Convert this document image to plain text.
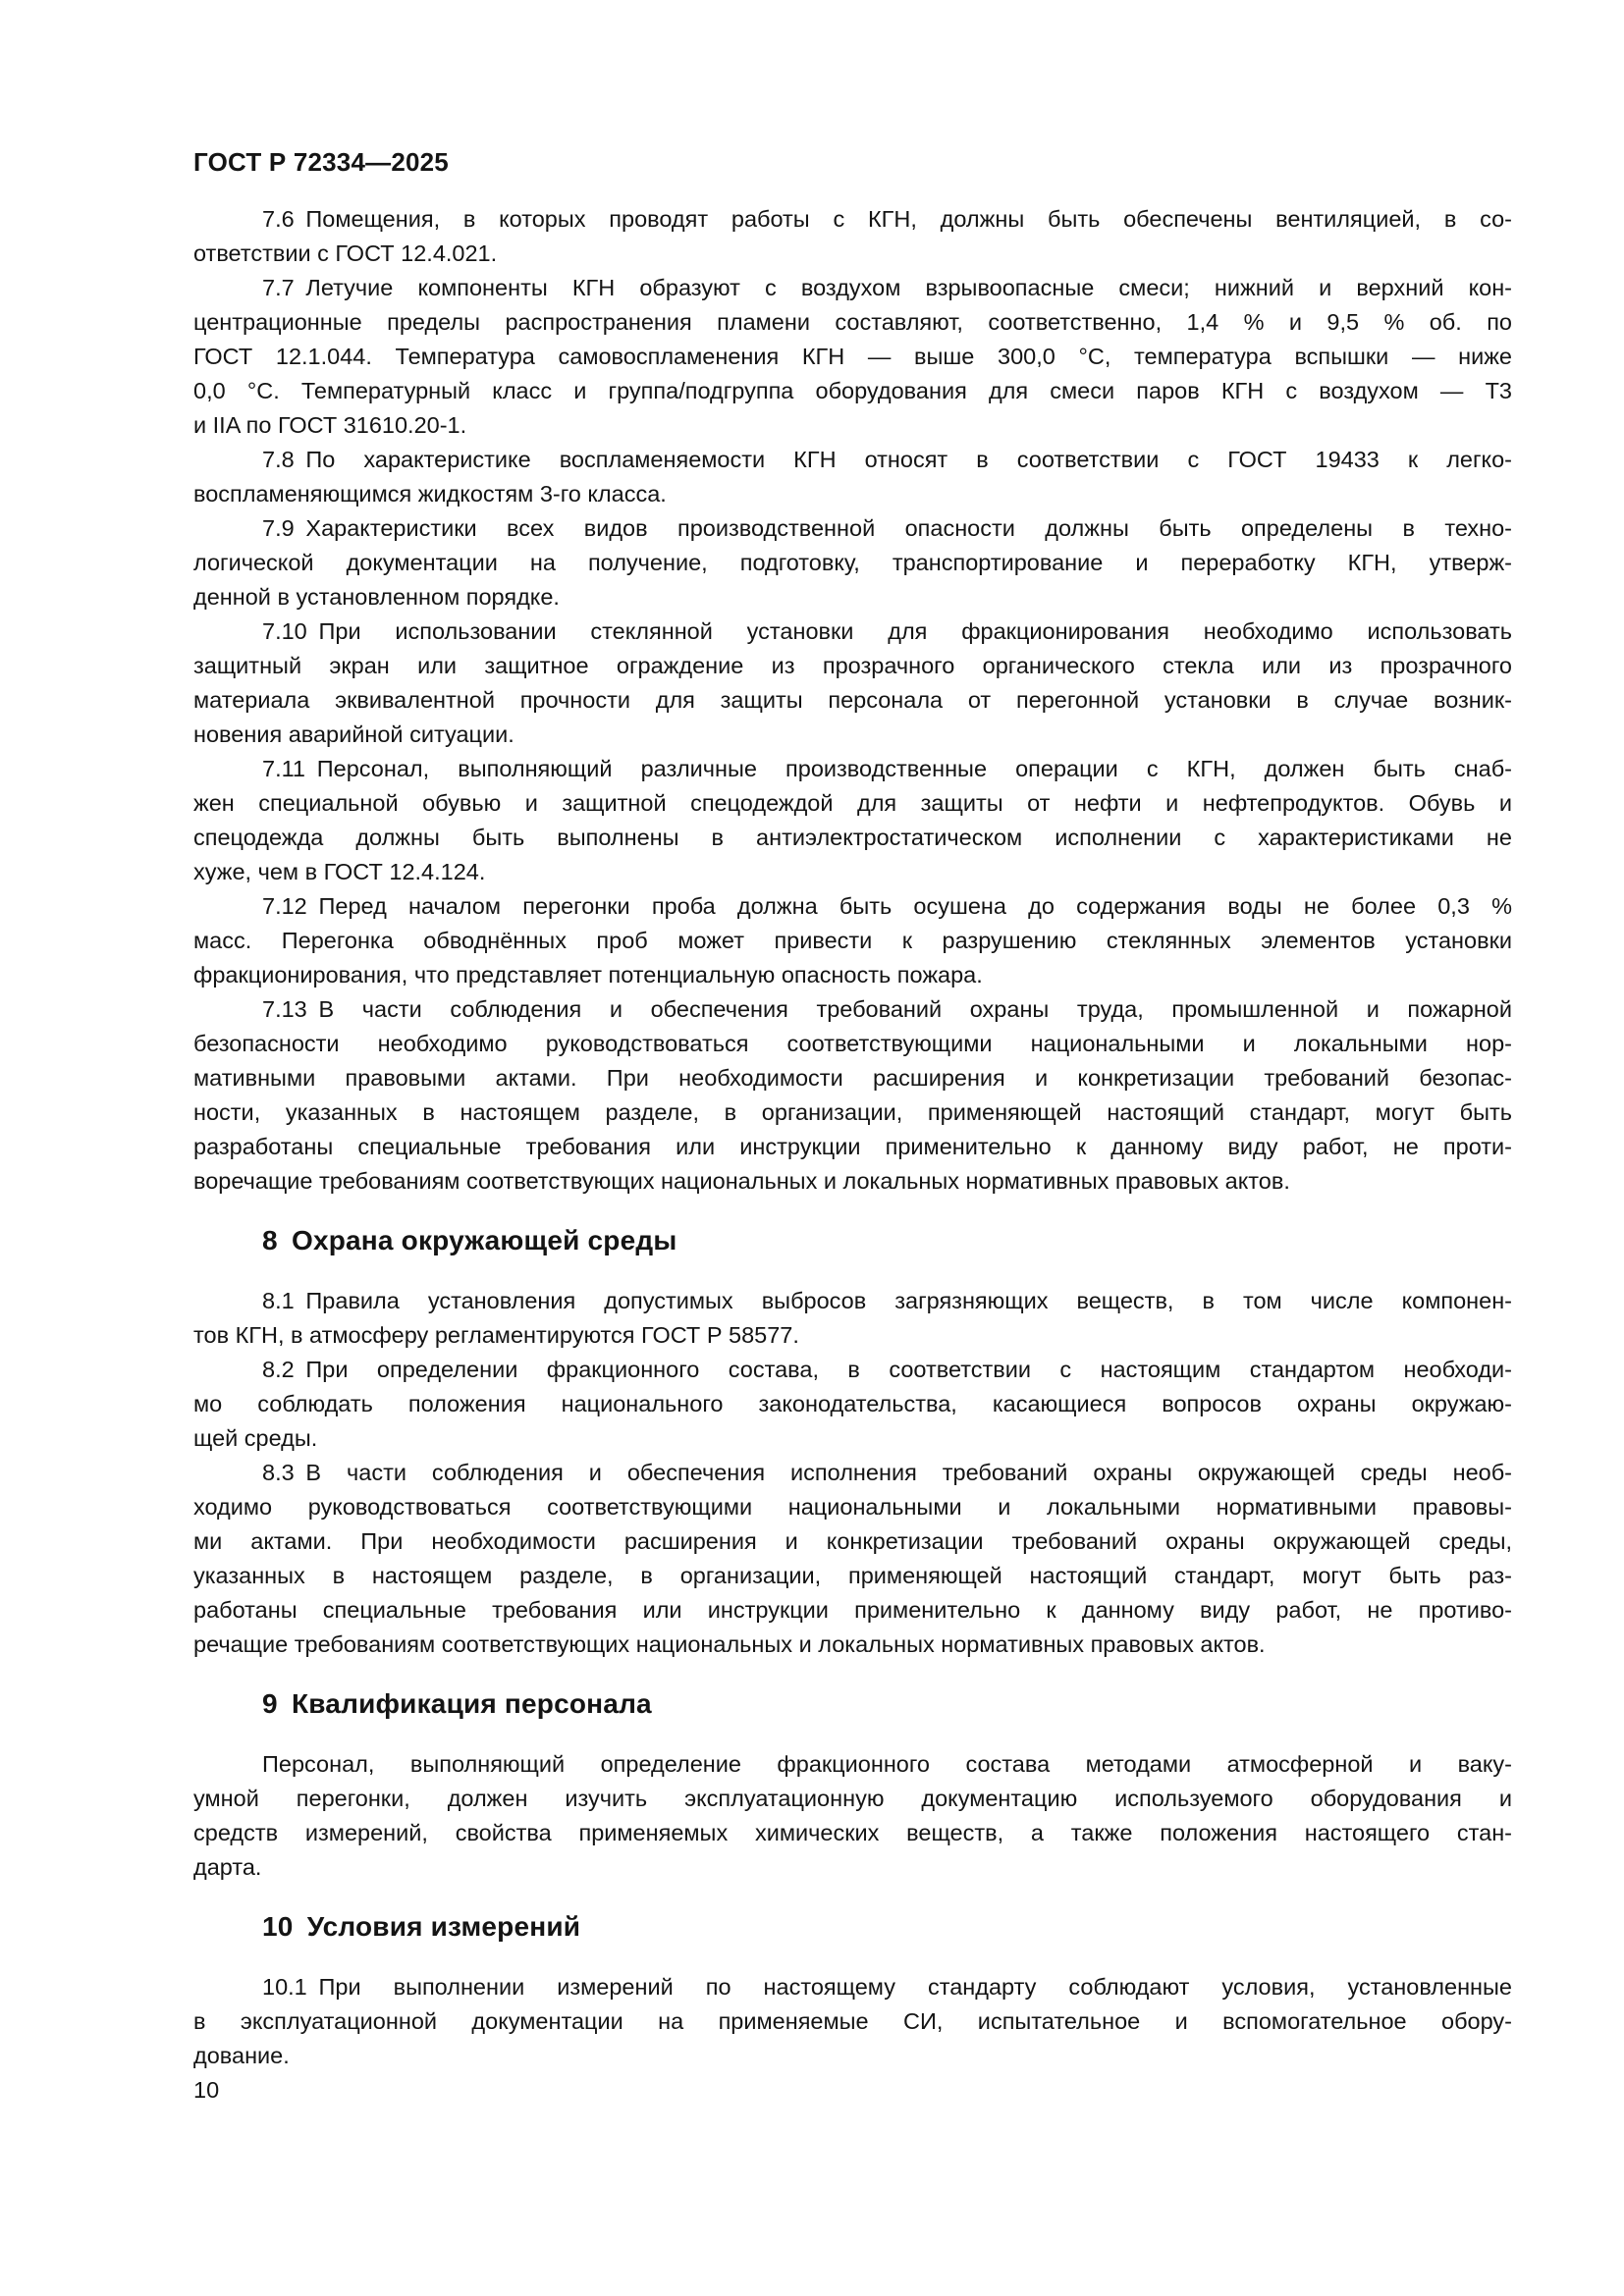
ГОСТ Р 72334—2025
7.6 Помещения, в которых проводят работы с КГН, должны быть обеспечены вентиляцией, в со-
ответствии с ГОСТ 12.4.021.
7.7 Летучие компоненты КГН образуют с воздухом взрывоопасные смеси; нижний и верхний кон-
центрационные пределы распространения пламени составляют, соответственно, 1,4 % и 9,5 % об. по
ГОСТ 12.1.044. Температура самовоспламенения КГН — выше 300,0 °С, температура вспышки — ниже
0,0 °С. Температурный класс и группа/подгруппа оборудования для смеси паров КГН с воздухом — Т3
и IIA по ГОСТ 31610.20-1.
7.8 По характеристике воспламеняемости КГН относят в соответствии с ГОСТ 19433 к легко-
воспламеняющимся жидкостям 3-го класса.
7.9 Характеристики всех видов производственной опасности должны быть определены в техно-
логической документации на получение, подготовку, транспортирование и переработку КГН, утверж-
денной в установленном порядке.
7.10 При использовании стеклянной установки для фракционирования необходимо использовать
защитный экран или защитное ограждение из прозрачного органического стекла или из прозрачного
материала эквивалентной прочности для защиты персонала от перегонной установки в случае возник-
новения аварийной ситуации.
7.11 Персонал, выполняющий различные производственные операции с КГН, должен быть снаб-
жен специальной обувью и защитной спецодеждой для защиты от нефти и нефтепродуктов. Обувь и
спецодежда должны быть выполнены в антиэлектростатическом исполнении с характеристиками не
хуже, чем в ГОСТ 12.4.124.
7.12 Перед началом перегонки проба должна быть осушена до содержания воды не более 0,3 %
масс. Перегонка обводнённых проб может привести к разрушению стеклянных элементов установки
фракционирования, что представляет потенциальную опасность пожара.
7.13 В части соблюдения и обеспечения требований охраны труда, промышленной и пожарной
безопасности необходимо руководствоваться соответствующими национальными и локальными нор-
мативными правовыми актами. При необходимости расширения и конкретизации требований безопас-
ности, указанных в настоящем разделе, в организации, применяющей настоящий стандарт, могут быть
разработаны специальные требования или инструкции применительно к данному виду работ, не проти-
воречащие требованиям соответствующих национальных и локальных нормативных правовых актов.
8 Охрана окружающей среды
8.1 Правила установления допустимых выбросов загрязняющих веществ, в том числе компонен-
тов КГН, в атмосферу регламентируются ГОСТ Р 58577.
8.2 При определении фракционного состава, в соответствии с настоящим стандартом необходи-
мо соблюдать положения национального законодательства, касающиеся вопросов охраны окружаю-
щей среды.
8.3 В части соблюдения и обеспечения исполнения требований охраны окружающей среды необ-
ходимо руководствоваться соответствующими национальными и локальными нормативными правовы-
ми актами. При необходимости расширения и конкретизации требований охраны окружающей среды,
указанных в настоящем разделе, в организации, применяющей настоящий стандарт, могут быть раз-
работаны специальные требования или инструкции применительно к данному виду работ, не противо-
речащие требованиям соответствующих национальных и локальных нормативных правовых актов.
9 Квалификация персонала
Персонал, выполняющий определение фракционного состава методами атмосферной и ваку-
умной перегонки, должен изучить эксплуатационную документацию используемого оборудования и
средств измерений, свойства применяемых химических веществ, а также положения настоящего стан-
дарта.
10 Условия измерений
10.1 При выполнении измерений по настоящему стандарту соблюдают условия, установленные
в эксплуатационной документации на применяемые СИ, испытательное и вспомогательное обору-
дование.
10
